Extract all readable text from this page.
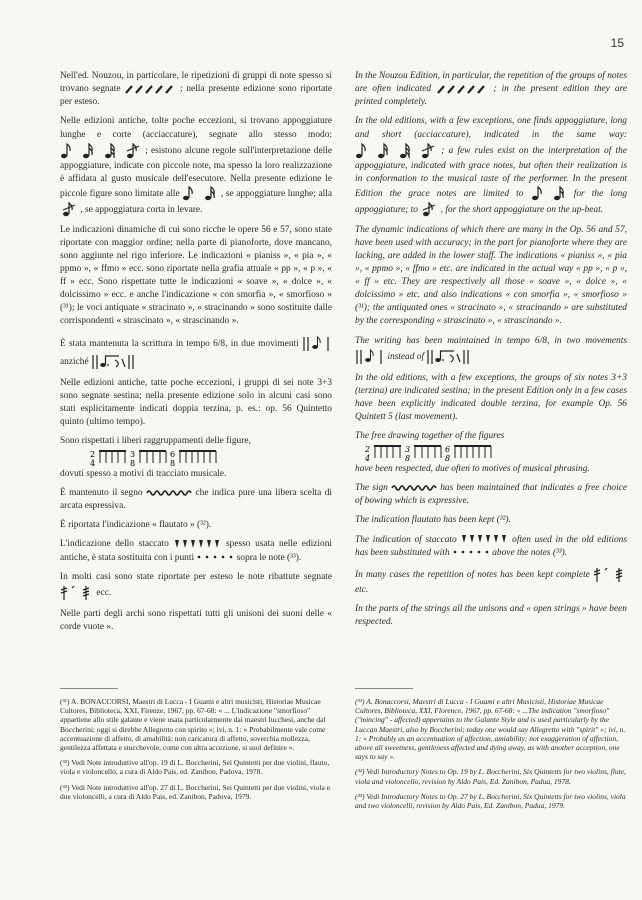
15

Nell'ed. Nouzou, in particolare, le ripetizioni di gruppi di note spesso si trovano segnate	; nella presente edizione sono riportate per esteso.

Nelle edizioni antiche, tolte poche eccezioni, si trovano appoggiature lunghe e corte (acciaccature), segnate allo stesso modo:
; esistono alcune regole sull'interpretazione delle appoggiature, indicate con piccole note, ma spesso la loro realizzazione è affidata al gusto musicale dell'esecutore. Nella presente edizione le piccole figure sono limitate alle	, se appoggiature lunghe; alla
, se appoggiatura corta in levare.

Le indicazioni dinamiche di cui sono ricche le opere 56 e 57, sono state riportate con maggior ordine; nella parte di pianoforte, dove mancano, sono aggiunte nel rigo inferiore. Le indicazioni « pianiss », « pia », « ppmo », « ffmo » ecc. sono riportate nella grafia attuale « pp », « p », « ff » ecc. Sono rispettate tutte le indicazioni « soave », « dolce », « dolcissimo » ecc. e anche l'indicazione « con smorfia », « smorfioso » (³¹); le voci antiquate « stracinato », « stracinando » sono sostituite dalle corrispondenti « strascinato », « strascinando ».

È stata mantenuta la scrittura in tempo 6/8, in due movimenti
anziché

Nelle edizioni antiche, tatte poche eccezioni, i gruppi di sei note 3+3 sono segnate sestina; nella presente edizione solo in alcuni casi sono stati esplicitamente indicati doppia terzina, p. es.: op. 56 Quintetto quinto (ultimo tempo).

Sono rispettati i liberi raggruppamenti delle figure,

dovuti spesso a motivi di tracciato musicale.

È mantenuto il segno	che indica pure una libera scelta di arcata espressiva.

È riportata l'indicazione « flautato » (³²).

L'indicazione dello staccato	spesso usata nelle edizioni antiche, è stata sostituita con i punti	sopra le note (³³).

In molti casi sono state riportate per esteso le note ribattute segnate
ecc.

Nelle parti degli archi sono rispettati tutti gli unisoni dei suoni delle « corde vuote ».

In the Nouzou Edition, in particular, the repetition of the groups of notes are often indicated	; in the present edition they are printed completely.

In the old editions, with a few exceptions, one finds appoggiature, long and short (acciaccature), indicated in the same way:
; a few rules exist on the interpretation of the appoggiature, indicated with grace notes, but often their realization is in conformation to the musical taste of the performer. In the present Edition the grace notes are limited to	for the long appoggiature; to , for the short appoggiature on the up-beat.

The dynamic indications of which there are many in the Op. 56 and 57, have been used with accuracy; in the part for pianoforte where they are lacking, are added in the lower staff. The indications « pianiss », « pia », « ppmo », « ffmo » etc. are indicated in the actual way « pp », « p », « ff » etc. They are respectively all those « soave », « dolce », « dolcissimo » etc. and also indications « con smorfia », « smorfioso » (³¹); the antiquated ones « stracinato », « stracinando » are substituted by the corresponding « strascinato », « strascinando ».

The writing has been maintained in tempo 6/8, in two movements
instead of

In the old editions, with a few exceptions, the groups of six notes 3+3 (terzina) are indicated sestina; in the present Edition only in a few cases have been explicitly indicated double terzina, for example Op. 56 Quintett 5 (last movement).

The free drawing together of the figures

have been respected, due often to motives of musical phrasing.

The sign	has been maintained that indicates a free choice of bowing which is expressive.

The indication flautato has been kept (³²).

The indication of staccato	often used in the old editions has been substituted with	above the notes (³³).

In many cases the repetition of notes has been kept complete
etc.

In the parts of the strings all the unisons and « open strings » have been respected.

(³¹) A. BONACCORSI, Maestri di Lucca - I Guami e altri musicisti, Historiae Musicae Cultores, Biblioteca, XXI, Firenze, 1967, pp. 67-68: « ... L'indicazione "smorfioso" appartiene allo stile galante e viene usata particolarmente dai maestri lucchesi, anche dal Boccherini; oggi si direbbe Allegretto con spirito »; ivi, n. 1: « Probabilmente vale come accentuazione di affetto, di amabilità; non caricatura di affetto, soverchia mollezza, gentilezza affettata e stucchevole, come con altra accezione, si suol definire ».

(³²) Vedi Note introduttive all'op. 19 di L. Boccherini, Sei Quintetti per due violini, flauto, viola e violoncello, a cura di Aldo Pais, ed. Zanibon, Padova, 1978.

(³³) Vedi Note introduttive all'op. 27 di L. Boccherini, Sei Quintetti per due violini, viola e due violoncelli, a cura di Aldo Pais, ed. Zanibon, Padova, 1979.

(³¹) A. Bonaccorsi, Maestri di Lucca - I Guami e altri Musicisti, Historiae Musicae Cultores, Biblioteca, XXI, Florence, 1967, pp. 67-68: « ...The indication "smorfioso" ("mincing" - affected) appertains to the Galante Style and is used particularly by the Luccan Maestri, also by Boccherini; today one would say Allegretto with "spirit" »; ivi, n. 1: « Probably as an accentuation of affection, amiability; not exaggeration of affection, above all sweetness, gentleness affected and dying away, as with another acception, one says to say ».

(³²) Vedi Introductory Notes to Op. 19 by L. Boccherini, Six Quintetts for two violins, flute, viola and violoncello, revision by Aldo Pais, Ed. Zanibon, Padua, 1978.

(³³) Vedi Introductory Notes to Op. 27 by L. Boccherini, Six Quintetts for two violins, viola and two violoncelli, revision by Aldo Pais, Ed. Zanibon, Padua, 1979.
